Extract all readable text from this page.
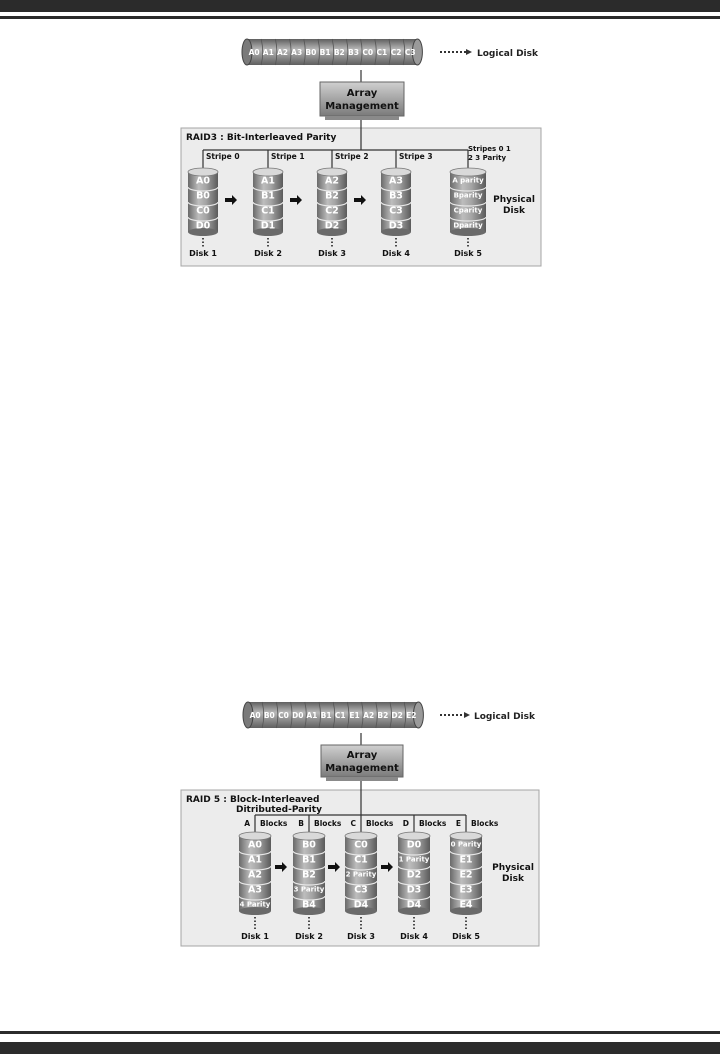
A0 A1 A2 A3 B0 B1 B2 B3 C0 C1 C2 C3	Logical Disk
Array
Management
RAID3 : Bit-Interleaved Parity
Stripe 0	Stripe 1	Stripe 2	Stripe 3
Stripes 0 1
2 3 Parity
A0
B0
C0
D0
Disk 1
A1
B1
C1
D1
Disk 2
A2
B2
C2
D2
Disk 3
A3
B3
C3
D3
Disk 4
A parity
Bparity
Cparity
Dparity
Disk 5
Physical
Disk
A0 B0 C0 D0 A1 B1 C1 E1 A2 B2 D2 E2	Logical Disk
Array
Management
RAID 5 : Block-Interleaved
Ditributed-Parity
A Blocks B Blocks C Blocks D Blocks E Blocks
A0
A1
A2
A3
4 Parity
Disk 1
B0
B1
B2
3 Parity
B4
Disk 2
C0
C1
2 Parity
C3
D4
Disk 3
D0
1 Parity
D2
D3
D4
Disk 4
0 Parity
E1
E2
E3
E4
Disk 5
Physical
Disk
